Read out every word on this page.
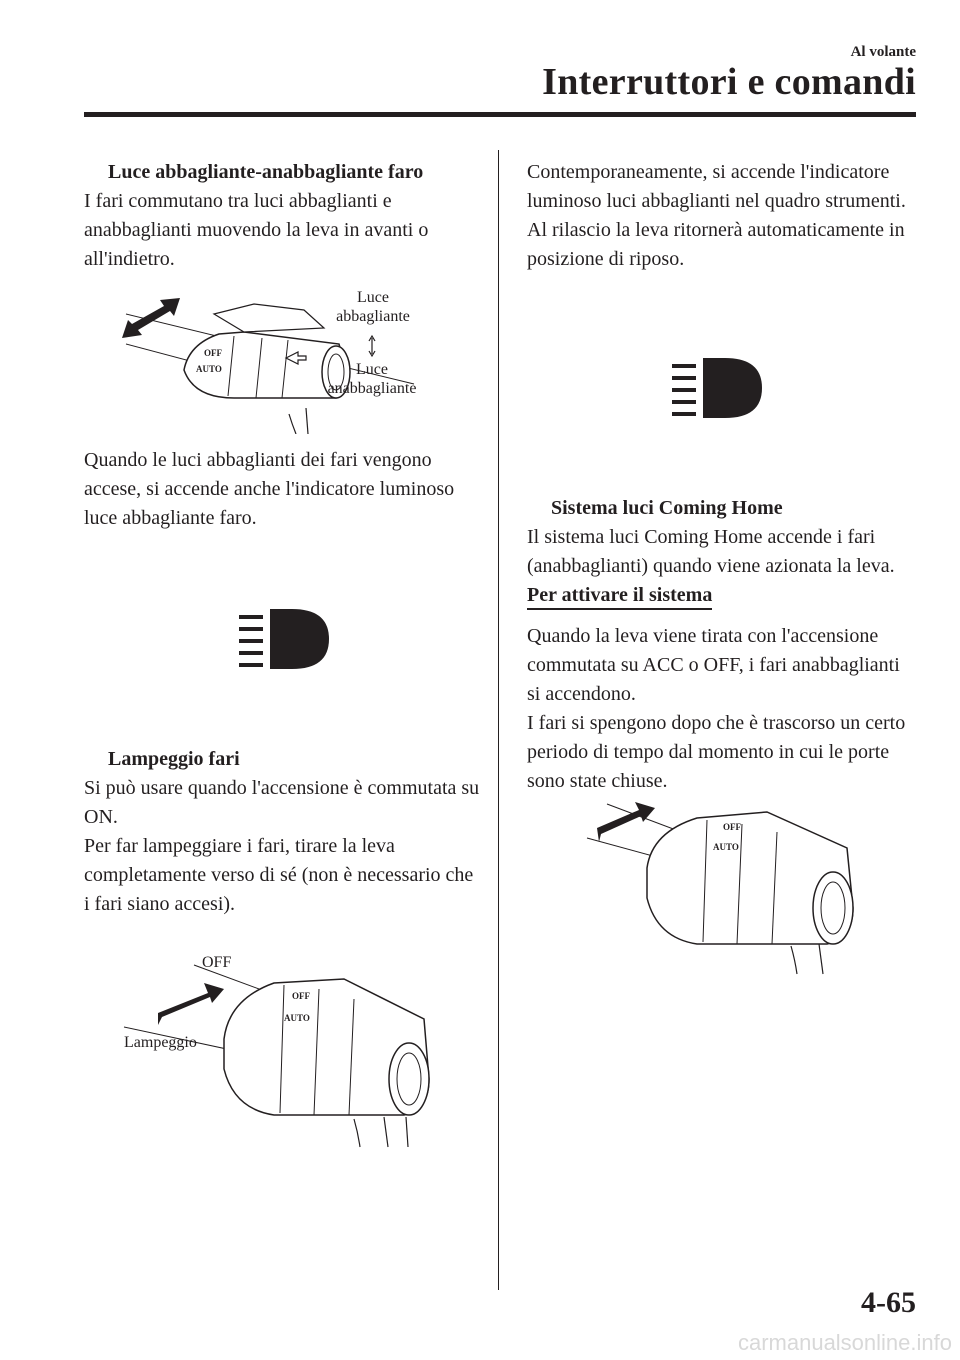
Al volante
Interruttori e comandi

Luce abbagliante-anabbagliante faro

I fari commutano tra luci abbaglianti e anabbaglianti muovendo la leva in avanti o all'indietro.

Luce
abbagliante
Luce
anabbagliante
OFF
AUTO

Quando le luci abbaglianti dei fari vengono accese, si accende anche l'indicatore luminoso luce abbagliante faro.

Lampeggio fari

Si può usare quando l'accensione è commutata su ON.

Per far lampeggiare i fari, tirare la leva completamente verso di sé (non è necessario che i fari siano accesi).

OFF
Lampeggio
OFF
AUTO

Contemporaneamente, si accende l'indicatore luminoso luci abbaglianti nel quadro strumenti. Al rilascio la leva ritornerà automaticamente in posizione di riposo.

Sistema luci Coming Home

Il sistema luci Coming Home accende i fari (anabbaglianti) quando viene azionata la leva.

Per attivare il sistema

Quando la leva viene tirata con l'accensione commutata su ACC o OFF, i fari anabbaglianti si accendono.

I fari si spengono dopo che è trascorso un certo periodo di tempo dal momento in cui le porte sono state chiuse.

OFF
AUTO
4-65
carmanualsonline.info
